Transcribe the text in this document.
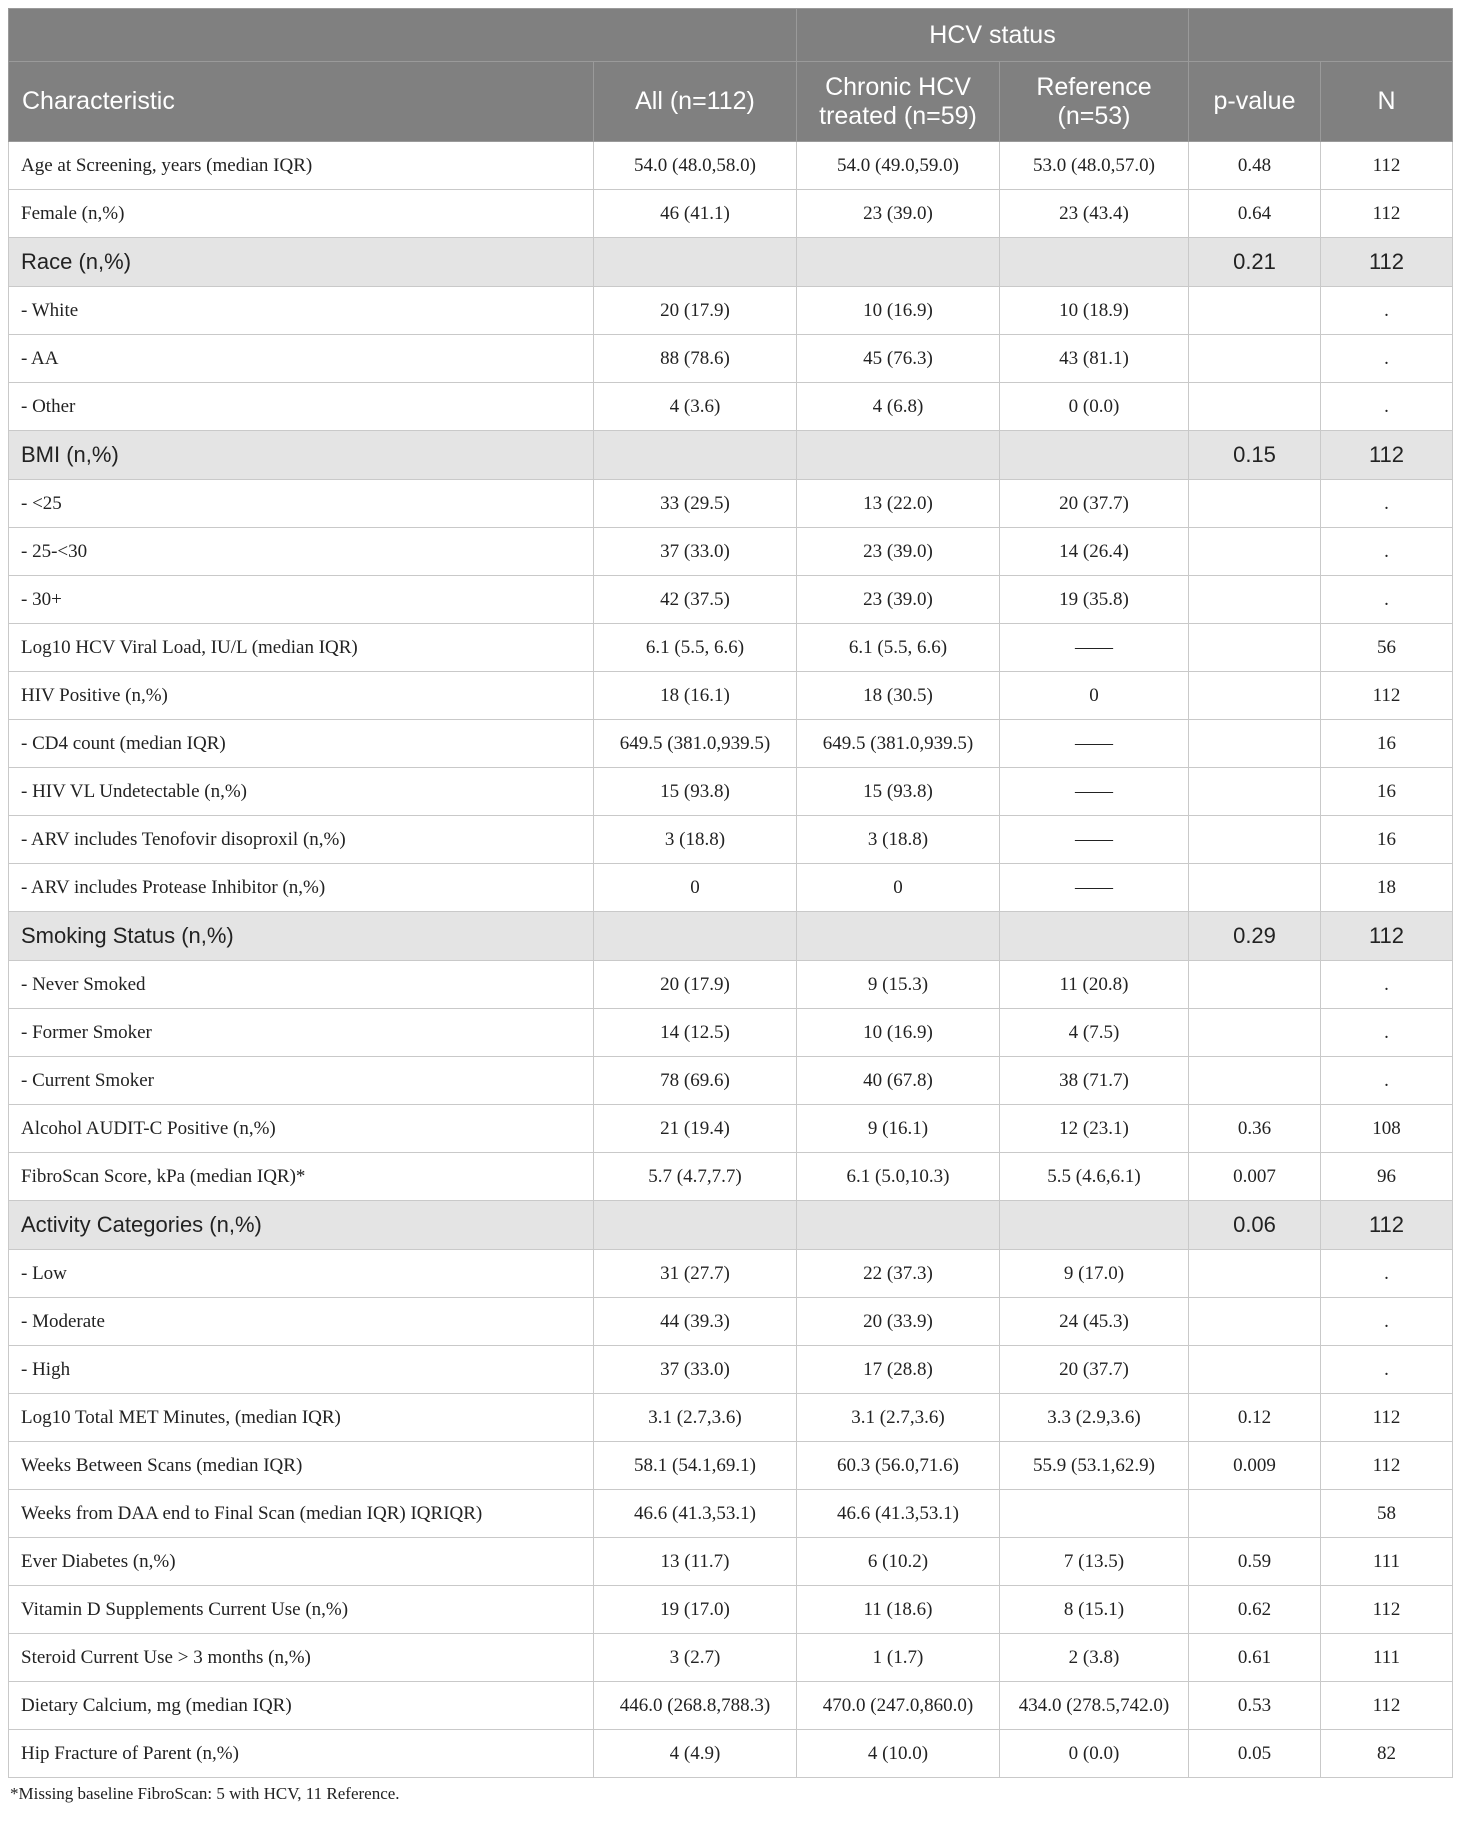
		HCV status			
Characteristic	All (n=112)	Chronic HCV treated (n=59)	Reference (n=53)	p-value	N
Age at Screening, years (median IQR)	54.0 (48.0,58.0)	54.0 (49.0,59.0)	53.0 (48.0,57.0)	0.48	112
Female (n,%)	46 (41.1)	23 (39.0)	23 (43.4)	0.64	112
Race (n,%)				0.21	112
- White	20 (17.9)	10 (16.9)	10 (18.9)		.
- AA	88 (78.6)	45 (76.3)	43 (81.1)		.
- Other	4 (3.6)	4 (6.8)	0 (0.0)		.
BMI (n,%)				0.15	112
- <25	33 (29.5)	13 (22.0)	20 (37.7)		.
- 25-<30	37 (33.0)	23 (39.0)	14 (26.4)		.
- 30+	42 (37.5)	23 (39.0)	19 (35.8)		.
Log10 HCV Viral Load, IU/L (median IQR)	6.1 (5.5, 6.6)	6.1 (5.5, 6.6)	——		56
HIV Positive (n,%)	18 (16.1)	18 (30.5)	0		112
- CD4 count (median IQR)	649.5 (381.0,939.5)	649.5 (381.0,939.5)	——		16
- HIV VL Undetectable (n,%)	15 (93.8)	15 (93.8)	——		16
- ARV includes Tenofovir disoproxil (n,%)	3 (18.8)	3 (18.8)	——		16
- ARV includes Protease Inhibitor (n,%)	0	0	——		18
Smoking Status (n,%)				0.29	112
- Never Smoked	20 (17.9)	9 (15.3)	11 (20.8)		.
- Former Smoker	14 (12.5)	10 (16.9)	4 (7.5)		.
- Current Smoker	78 (69.6)	40 (67.8)	38 (71.7)		.
Alcohol AUDIT-C Positive (n,%)	21 (19.4)	9 (16.1)	12 (23.1)	0.36	108
FibroScan Score, kPa (median IQR)*	5.7 (4.7,7.7)	6.1 (5.0,10.3)	5.5 (4.6,6.1)	0.007	96
Activity Categories (n,%)				0.06	112
- Low	31 (27.7)	22 (37.3)	9 (17.0)		.
- Moderate	44 (39.3)	20 (33.9)	24 (45.3)		.
- High	37 (33.0)	17 (28.8)	20 (37.7)		.
Log10 Total MET Minutes, (median IQR)	3.1 (2.7,3.6)	3.1 (2.7,3.6)	3.3 (2.9,3.6)	0.12	112
Weeks Between Scans (median IQR)	58.1 (54.1,69.1)	60.3 (56.0,71.6)	55.9 (53.1,62.9)	0.009	112
Weeks from DAA end to Final Scan (median IQR) IQRIQR)	46.6 (41.3,53.1)	46.6 (41.3,53.1)			58
Ever Diabetes (n,%)	13 (11.7)	6 (10.2)	7 (13.5)	0.59	111
Vitamin D Supplements Current Use (n,%)	19 (17.0)	11 (18.6)	8 (15.1)	0.62	112
Steroid Current Use > 3 months (n,%)	3 (2.7)	1 (1.7)	2 (3.8)	0.61	111
Dietary Calcium, mg (median IQR)	446.0 (268.8,788.3)	470.0 (247.0,860.0)	434.0 (278.5,742.0)	0.53	112
Hip Fracture of Parent (n,%)	4 (4.9)	4 (10.0)	0 (0.0)	0.05	82
*Missing baseline FibroScan: 5 with HCV, 11 Reference.
